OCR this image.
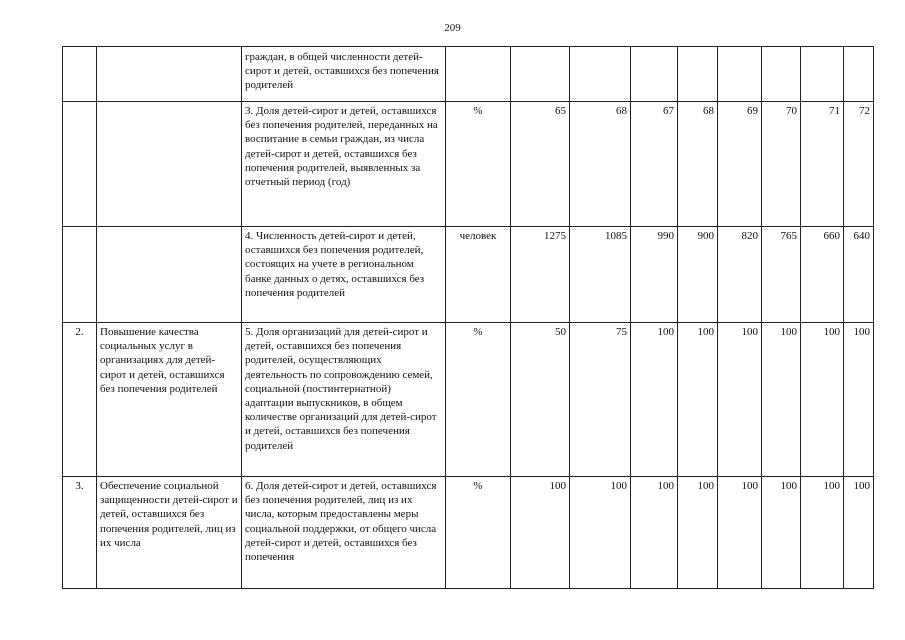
209
		граждан, в общей численности детей-сирот и детей, оставшихся без попечения родителей									
		3. Доля детей-сирот и детей, оставшихся без попечения родителей, переданных на воспитание в семьи граждан, из числа детей-сирот и детей, оставшихся без попечения родителей, выявленных за отчетный период (год)	%	65	68	67	68	69	70	71	72
		4. Численность детей-сирот и детей, оставшихся без попечения родителей, состоящих на учете в региональном банке данных о детях, оставшихся без попечения родителей	человек	1275	1085	990	900	820	765	660	640
2.	Повышение качества социальных услуг в организациях для детей-сирот и детей, оставшихся без попечения родителей	5. Доля организаций для детей-сирот и детей, оставшихся без попечения родителей, осуществляющих деятельность по сопровождению семей, социальной (постинтернатной) адаптации выпускников, в общем количестве организаций для детей-сирот и детей, оставшихся без попечения родителей	%	50	75	100	100	100	100	100	100
3.	Обеспечение социальной защищенности детей-сирот и детей, оставшихся без попечения родителей, лиц из их числа	6. Доля детей-сирот и детей, оставшихся без попечения родителей, лиц из их числа, которым предоставлены меры социальной поддержки, от общего числа детей-сирот и детей, оставшихся без попечения	%	100	100	100	100	100	100	100	100
